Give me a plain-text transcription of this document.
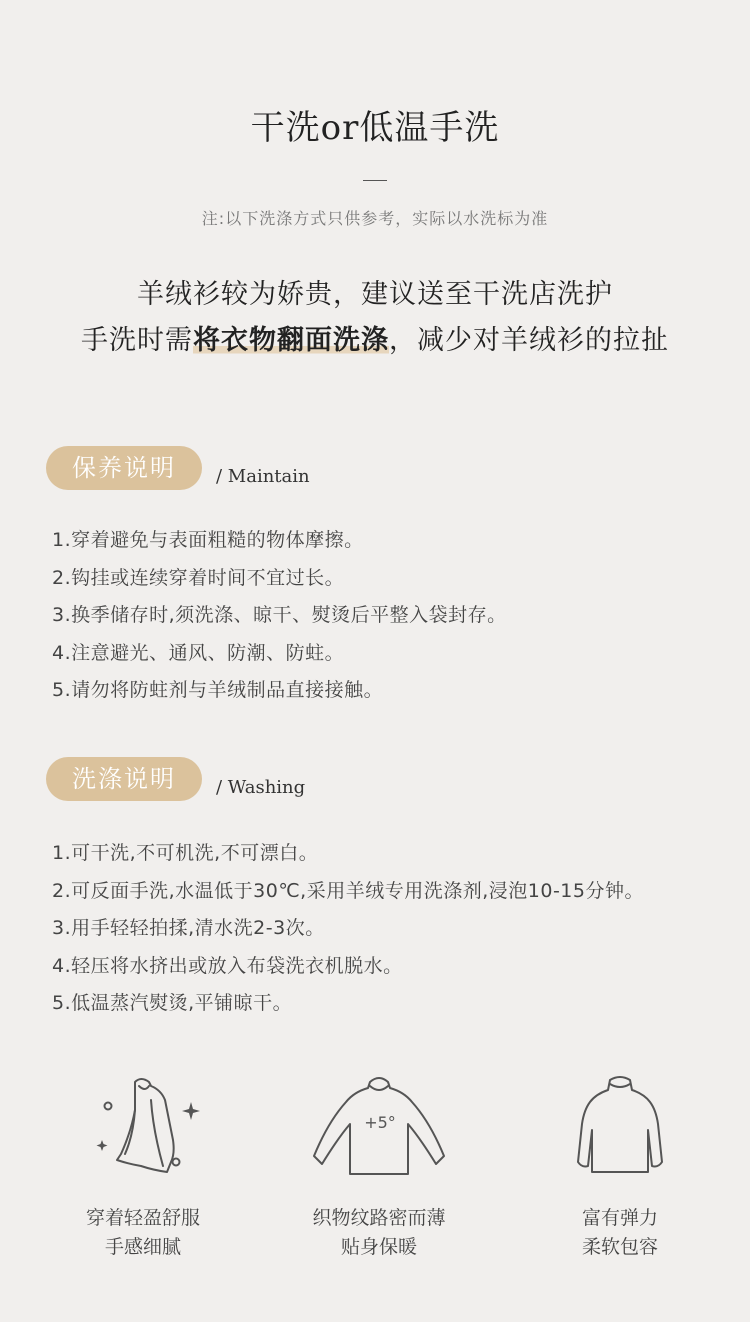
干洗or低温手洗
注:以下洗涤方式只供参考，实际以水洗标为准
羊绒衫较为娇贵，建议送至干洗店洗护
手洗时需将衣物翻面洗涤，减少对羊绒衫的拉扯
保养说明	/ Maintain
1.穿着避免与表面粗糙的物体摩擦。
2.钩挂或连续穿着时间不宜过长。
3.换季储存时,须洗涤、晾干、熨烫后平整入袋封存。
4.注意避光、通风、防潮、防蛀。
5.请勿将防蛀剂与羊绒制品直接接触。
洗涤说明	/ Washing
1.可干洗,不可机洗,不可漂白。
2.可反面手洗,水温低于30℃,采用羊绒专用洗涤剂,浸泡10-15分钟。
3.用手轻轻拍揉,清水洗2-3次。
4.轻压将水挤出或放入布袋洗衣机脱水。
5.低温蒸汽熨烫,平铺晾干。
穿着轻盈舒服
手感细腻
+5°
织物纹路密而薄
贴身保暖
富有弹力
柔软包容
